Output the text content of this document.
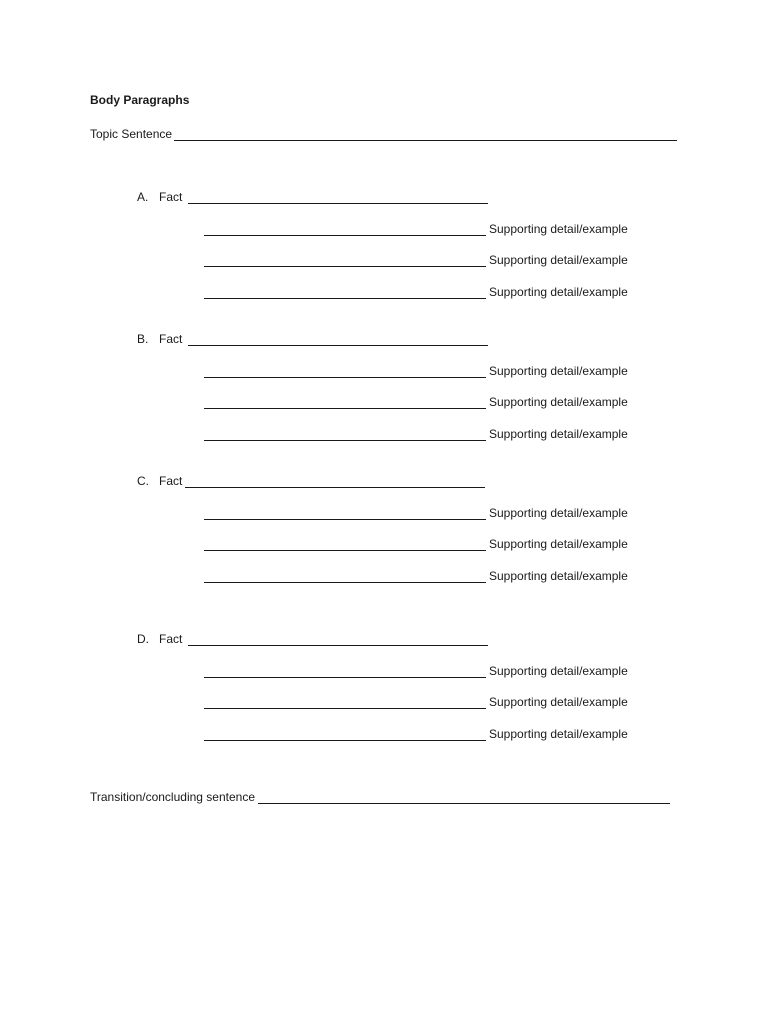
Body Paragraphs
Topic Sentence
A. Fact
Supporting detail/example
Supporting detail/example
Supporting detail/example
B. Fact
Supporting detail/example
Supporting detail/example
Supporting detail/example
C. Fact
Supporting detail/example
Supporting detail/example
Supporting detail/example
D. Fact
Supporting detail/example
Supporting detail/example
Supporting detail/example
Transition/concluding sentence
